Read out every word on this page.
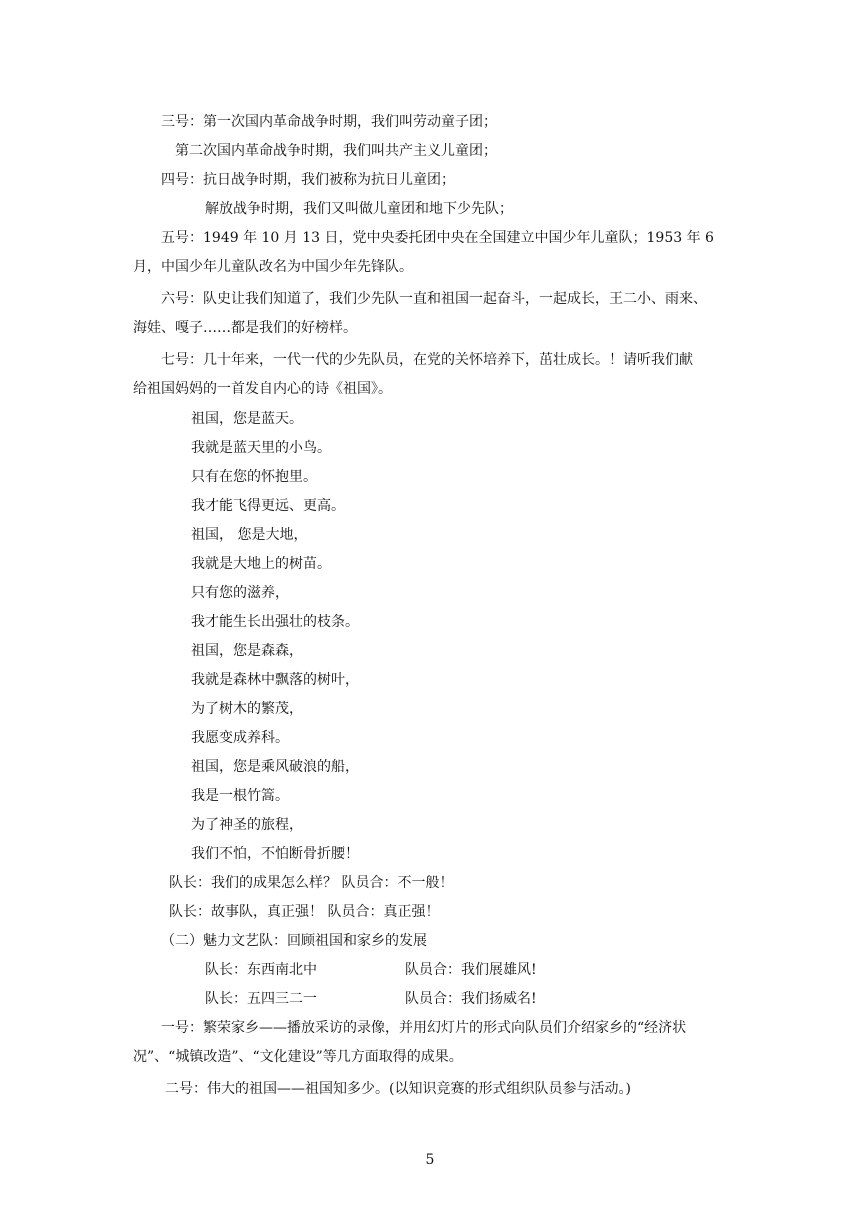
三号：第一次国内革命战争时期，我们叫劳动童子团；
第二次国内革命战争时期，我们叫共产主义儿童团；
四号：抗日战争时期，我们被称为抗日儿童团；
解放战争时期，我们又叫做儿童团和地下少先队；
五号：1949 年 10 月 13 日，党中央委托团中央在全国建立中国少年儿童队；1953 年 6
月，中国少年儿童队改名为中国少年先锋队。
六号：队史让我们知道了，我们少先队一直和祖国一起奋斗，一起成长，王二小、雨来、
海娃、嘎子……都是我们的好榜样。
七号：几十年来，一代一代的少先队员，在党的关怀培养下，茁壮成长。！请听我们献
给祖国妈妈的一首发自内心的诗《祖国》。
祖国，您是蓝天。
我就是蓝天里的小鸟。
只有在您的怀抱里。
我才能飞得更远、更高。
祖国， 您是大地，
我就是大地上的树苗。
只有您的滋养，
我才能生长出强壮的枝条。
祖国，您是森森，
我就是森林中飘落的树叶，
为了树木的繁茂，
我愿变成养科。
祖国，您是乘风破浪的船，
我是一根竹篙。
为了神圣的旅程，
我们不怕，不怕断骨折腰！
队长：我们的成果怎么样？ 队员合：不一般！
队长：故事队，真正强！ 队员合：真正强！
（二）魅力文艺队：回顾祖国和家乡的发展
队长：东西南北中	队员合：我们展雄风!
队长：五四三二一	队员合：我们扬威名!
一号：繁荣家乡——播放采访的录像，并用幻灯片的形式向队员们介绍家乡的“经济状
况”、“城镇改造”、“文化建设”等几方面取得的成果。
二号：伟大的祖国——祖国知多少。(以知识竞赛的形式组织队员参与活动。)
5
